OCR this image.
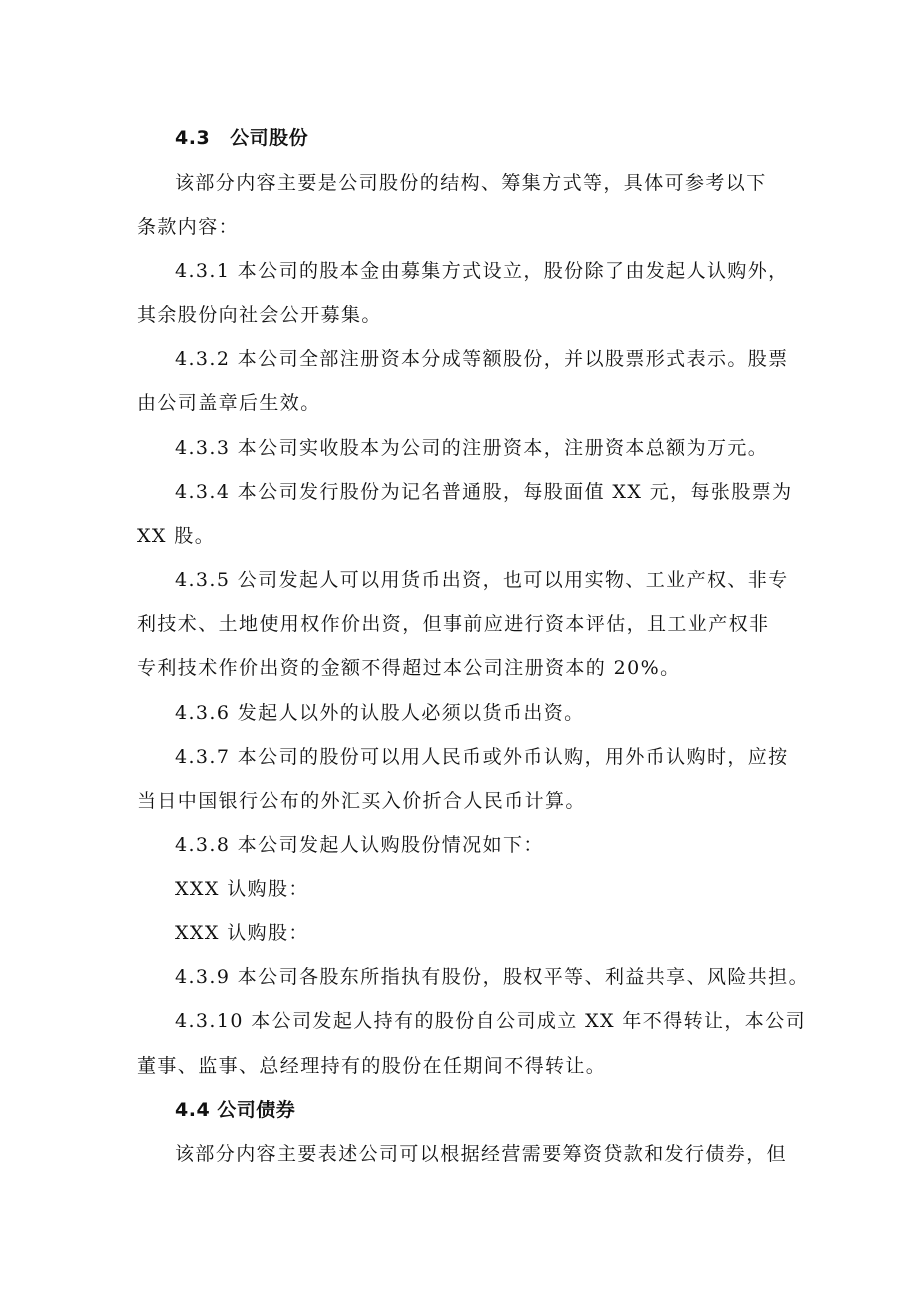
4.3 公司股份
该部分内容主要是公司股份的结构、筹集方式等，具体可参考以下
条款内容：
4.3.1 本公司的股本金由募集方式设立，股份除了由发起人认购外，
其余股份向社会公开募集。
4.3.2 本公司全部注册资本分成等额股份，并以股票形式表示。股票
由公司盖章后生效。
4.3.3 本公司实收股本为公司的注册资本，注册资本总额为万元。
4.3.4 本公司发行股份为记名普通股，每股面值 XX 元，每张股票为
XX 股。
4.3.5 公司发起人可以用货币出资，也可以用实物、工业产权、非专
利技术、土地使用权作价出资，但事前应进行资本评估，且工业产权非
专利技术作价出资的金额不得超过本公司注册资本的 20%。
4.3.6 发起人以外的认股人必须以货币出资。
4.3.7 本公司的股份可以用人民币或外币认购，用外币认购时，应按
当日中国银行公布的外汇买入价折合人民币计算。
4.3.8 本公司发起人认购股份情况如下：
XXX 认购股：
XXX 认购股：
4.3.9 本公司各股东所指执有股份，股权平等、利益共享、风险共担。
4.3.10 本公司发起人持有的股份自公司成立 XX 年不得转让，本公司
董事、监事、总经理持有的股份在任期间不得转让。
4.4 公司债券
该部分内容主要表述公司可以根据经营需要筹资贷款和发行债券，但
